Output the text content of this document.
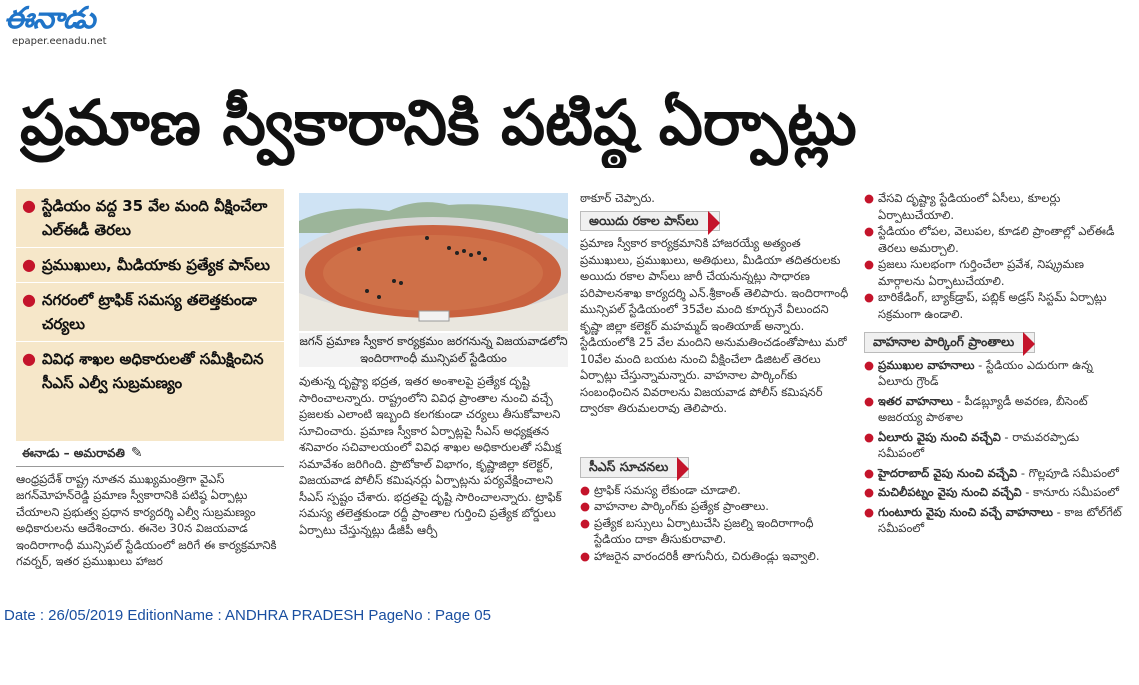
ఈనాడు
epaper.eenadu.net
ప్రమాణ స్వీకారానికి పటిష్ఠ ఏర్పాట్లు
● స్టేడియం వద్ద 35 వేల మంది వీక్షించేలా ఎల్‌ఈడీ తెరలు
● ప్రముఖులు, మీడియాకు ప్రత్యేక పాస్‌లు
● నగరంలో ట్రాఫిక్ సమస్య తలెత్తకుండా చర్యలు
● వివిధ శాఖల అధికారులతో సమీక్షించిన సీఎస్ ఎల్వీ సుబ్రమణ్యం
ఈనాడు – అమరావతి ✎

ఆంధ్రప్రదేశ్ రాష్ట్ర నూతన ముఖ్యమంత్రిగా వైఎస్ జగన్‌మోహన్‌రెడ్డి ప్రమాణ స్వీకారానికి పటిష్ఠ ఏర్పాట్లు చేయాలని ప్రభుత్వ ప్రధాన కార్యదర్శి ఎల్వీ సుబ్రమణ్యం అధికారులను ఆదేశించారు. ఈనెల 30న విజయవాడ ఇందిరాగాంధీ మున్సిపల్ స్టేడియంలో జరిగే ఈ కార్యక్రమానికి గవర్నర్, ఇతర ప్రముఖులు హాజర

జగన్ ప్రమాణ స్వీకార కార్యక్రమం జరగనున్న విజయవాడలోని ఇందిరాగాంధీ మున్సిపల్ స్టేడియం

వుతున్న దృష్ట్యా భద్రత, ఇతర అంశాలపై ప్రత్యేక దృష్టి సారించాలన్నారు. రాష్ట్రంలోని వివిధ ప్రాంతాల నుంచి వచ్చే ప్రజలకు ఎలాంటి ఇబ్బంది కలగకుండా చర్యలు తీసుకోవాలని సూచించారు. ప్రమాణ స్వీకార ఏర్పాట్లపై సీఎస్ అధ్యక్షతన శనివారం సచివాలయంలో వివిధ శాఖల అధికారులతో సమీక్ష సమావేశం జరిగింది. ప్రొటోకాల్ విభాగం, కృష్ణాజిల్లా కలెక్టర్, విజయవాడ పోలీస్ కమిషనర్లు ఏర్పాట్లను పర్యవేక్షించాలని సీఎస్ స్పష్టం చేశారు. భద్రతపై దృష్టి సారించాలన్నారు. ట్రాఫిక్ సమస్య తలెత్తకుండా రద్దీ ప్రాంతాల గుర్తించి ప్రత్యేక బోర్డులు ఏర్పాటు చేస్తున్నట్లు డీజీపీ ఆర్పీ

ఠాకూర్ చెప్పారు.

అయిదు రకాల పాస్‌లు

ప్రమాణ స్వీకార కార్యక్రమానికి హాజరయ్యే అత్యంత ప్రముఖులు, ప్రముఖులు, అతిథులు, మీడియా తదితరులకు అయిదు రకాల పాస్‌లు జారీ చేయనున్నట్లు సాధారణ పరిపాలనశాఖ కార్యదర్శి ఎన్.శ్రీకాంత్ తెలిపారు. ఇందిరాగాంధీ మున్సిపల్ స్టేడియంలో 35వేల మంది కూర్చునే వీలుందని కృష్ణా జిల్లా కలెక్టర్ మహమ్మద్ ఇంతియాజ్ అన్నారు. స్టేడియంలోకి 25 వేల మందిని అనుమతించడంతోపాటు మరో 10వేల మంది బయట నుంచి వీక్షించేలా డిజిటల్ తెరలు ఏర్పాట్లు చేస్తున్నామన్నారు. వాహనాల పార్కింగ్‌కు సంబంధించిన వివరాలను విజయవాడ పోలీస్ కమిషనర్ ద్వారకా తిరుమలరావు తెలిపారు.

సీఎస్ సూచనలు
● ట్రాఫిక్ సమస్య లేకుండా చూడాలి.
● వాహనాల పార్కింగ్‌కు ప్రత్యేక ప్రాంతాలు.
● ప్రత్యేక బస్సులు ఏర్పాటుచేసి ప్రజల్ని ఇందిరాగాంధీ స్టేడియం దాకా తీసుకురావాలి.
● హాజరైన వారందరికీ తాగునీరు, చిరుతిండ్లు ఇవ్వాలి.
● వేసవి దృష్ట్యా స్టేడియంలో ఏసీలు, కూలర్లు ఏర్పాటుచేయాలి.
● స్టేడియం లోపల, వెలుపల, కూడలి ప్రాంతాల్లో ఎల్‌ఈడీ తెరలు అమర్చాలి.
● ప్రజలు సులభంగా గుర్తించేలా ప్రవేశ, నిష్క్రమణ మార్గాలను ఏర్పాటుచేయాలి.
● బారికేడింగ్, బ్యాక్‌డ్రాప్, పబ్లిక్ అడ్రస్ సిస్టమ్ ఏర్పాట్లు సక్రమంగా ఉండాలి.
వాహనాల పార్కింగ్ ప్రాంతాలు
● ప్రముఖుల వాహనాలు - స్టేడియం ఎదురుగా ఉన్న ఏలూరు గ్రౌండ్
● ఇతర వాహనాలు - పీడబ్ల్యూడీ అవరణ, బీసెంట్ అజరయ్య పాఠశాల
● ఏలూరు వైపు నుంచి వచ్చేవి - రామవరప్పాడు సమీపంలో
● హైదరాబాద్ వైపు నుంచి వచ్చేవి - గొల్లపూడి సమీపంలో
● మచిలీపట్నం వైపు నుంచి వచ్చేవి - కానూరు సమీపంలో
● గుంటూరు వైపు నుంచి వచ్చే వాహనాలు - కాజ టోల్‌గేట్ సమీపంలో
Date : 26/05/2019 EditionName : ANDHRA PRADESH PageNo : Page 05
